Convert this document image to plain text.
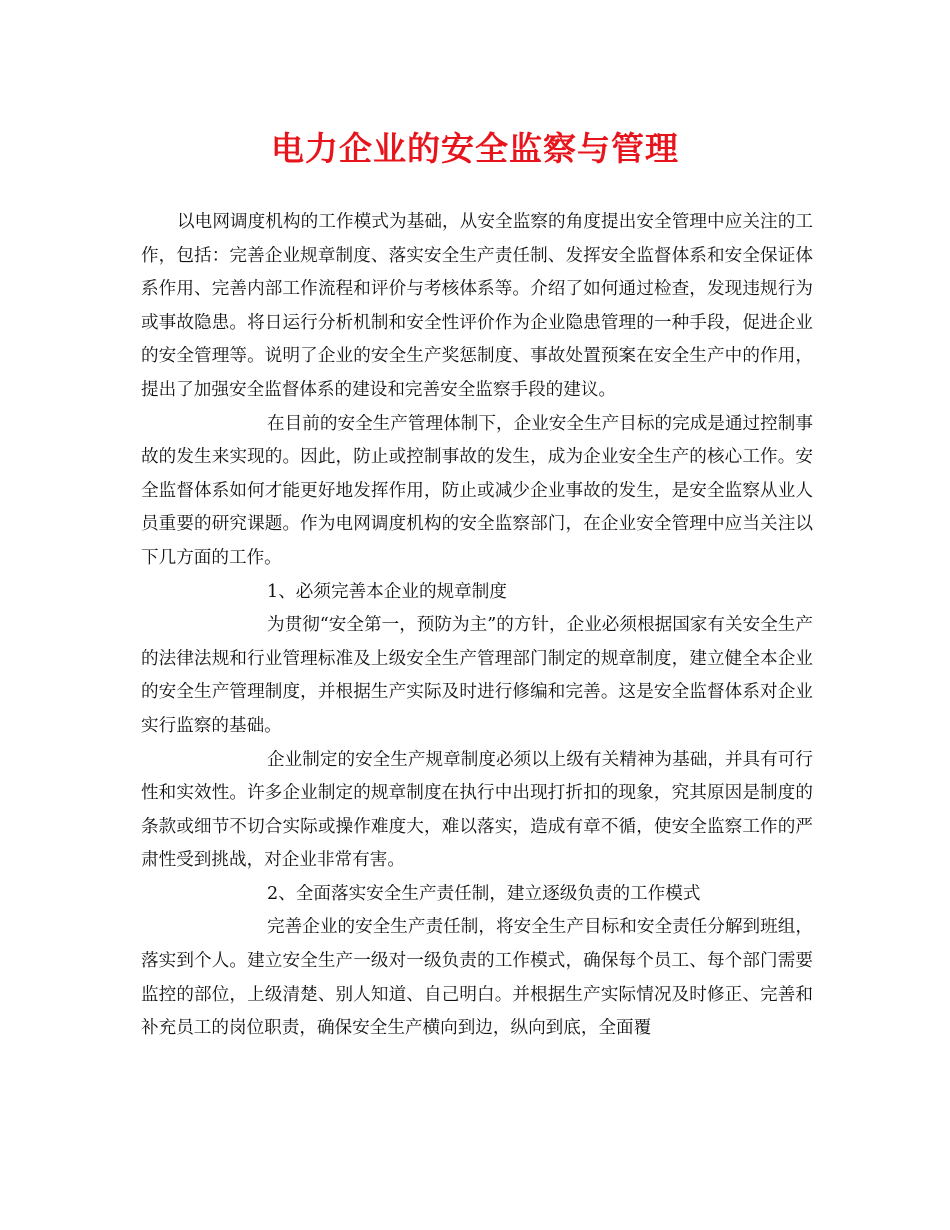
电力企业的安全监察与管理

以电网调度机构的工作模式为基础，从安全监察的角度提出安全管理中应关注的工作，包括：完善企业规章制度、落实安全生产责任制、发挥安全监督体系和安全保证体系作用、完善内部工作流程和评价与考核体系等。介绍了如何通过检查，发现违规行为或事故隐患。将日运行分析机制和安全性评价作为企业隐患管理的一种手段，促进企业的安全管理等。说明了企业的安全生产奖惩制度、事故处置预案在安全生产中的作用，提出了加强安全监督体系的建设和完善安全监察手段的建议。

在目前的安全生产管理体制下，企业安全生产目标的完成是通过控制事故的发生来实现的。因此，防止或控制事故的发生，成为企业安全生产的核心工作。安全监督体系如何才能更好地发挥作用，防止或减少企业事故的发生，是安全监察从业人员重要的研究课题。作为电网调度机构的安全监察部门，在企业安全管理中应当关注以下几方面的工作。

1、必须完善本企业的规章制度

为贯彻“安全第一，预防为主”的方针，企业必须根据国家有关安全生产的法律法规和行业管理标准及上级安全生产管理部门制定的规章制度，建立健全本企业的安全生产管理制度，并根据生产实际及时进行修编和完善。这是安全监督体系对企业实行监察的基础。

企业制定的安全生产规章制度必须以上级有关精神为基础，并具有可行性和实效性。许多企业制定的规章制度在执行中出现打折扣的现象，究其原因是制度的条款或细节不切合实际或操作难度大，难以落实，造成有章不循，使安全监察工作的严肃性受到挑战，对企业非常有害。

2、全面落实安全生产责任制，建立逐级负责的工作模式

完善企业的安全生产责任制，将安全生产目标和安全责任分解到班组，落实到个人。建立安全生产一级对一级负责的工作模式，确保每个员工、每个部门需要监控的部位，上级清楚、别人知道、自己明白。并根据生产实际情况及时修正、完善和补充员工的岗位职责，确保安全生产横向到边，纵向到底，全面覆
